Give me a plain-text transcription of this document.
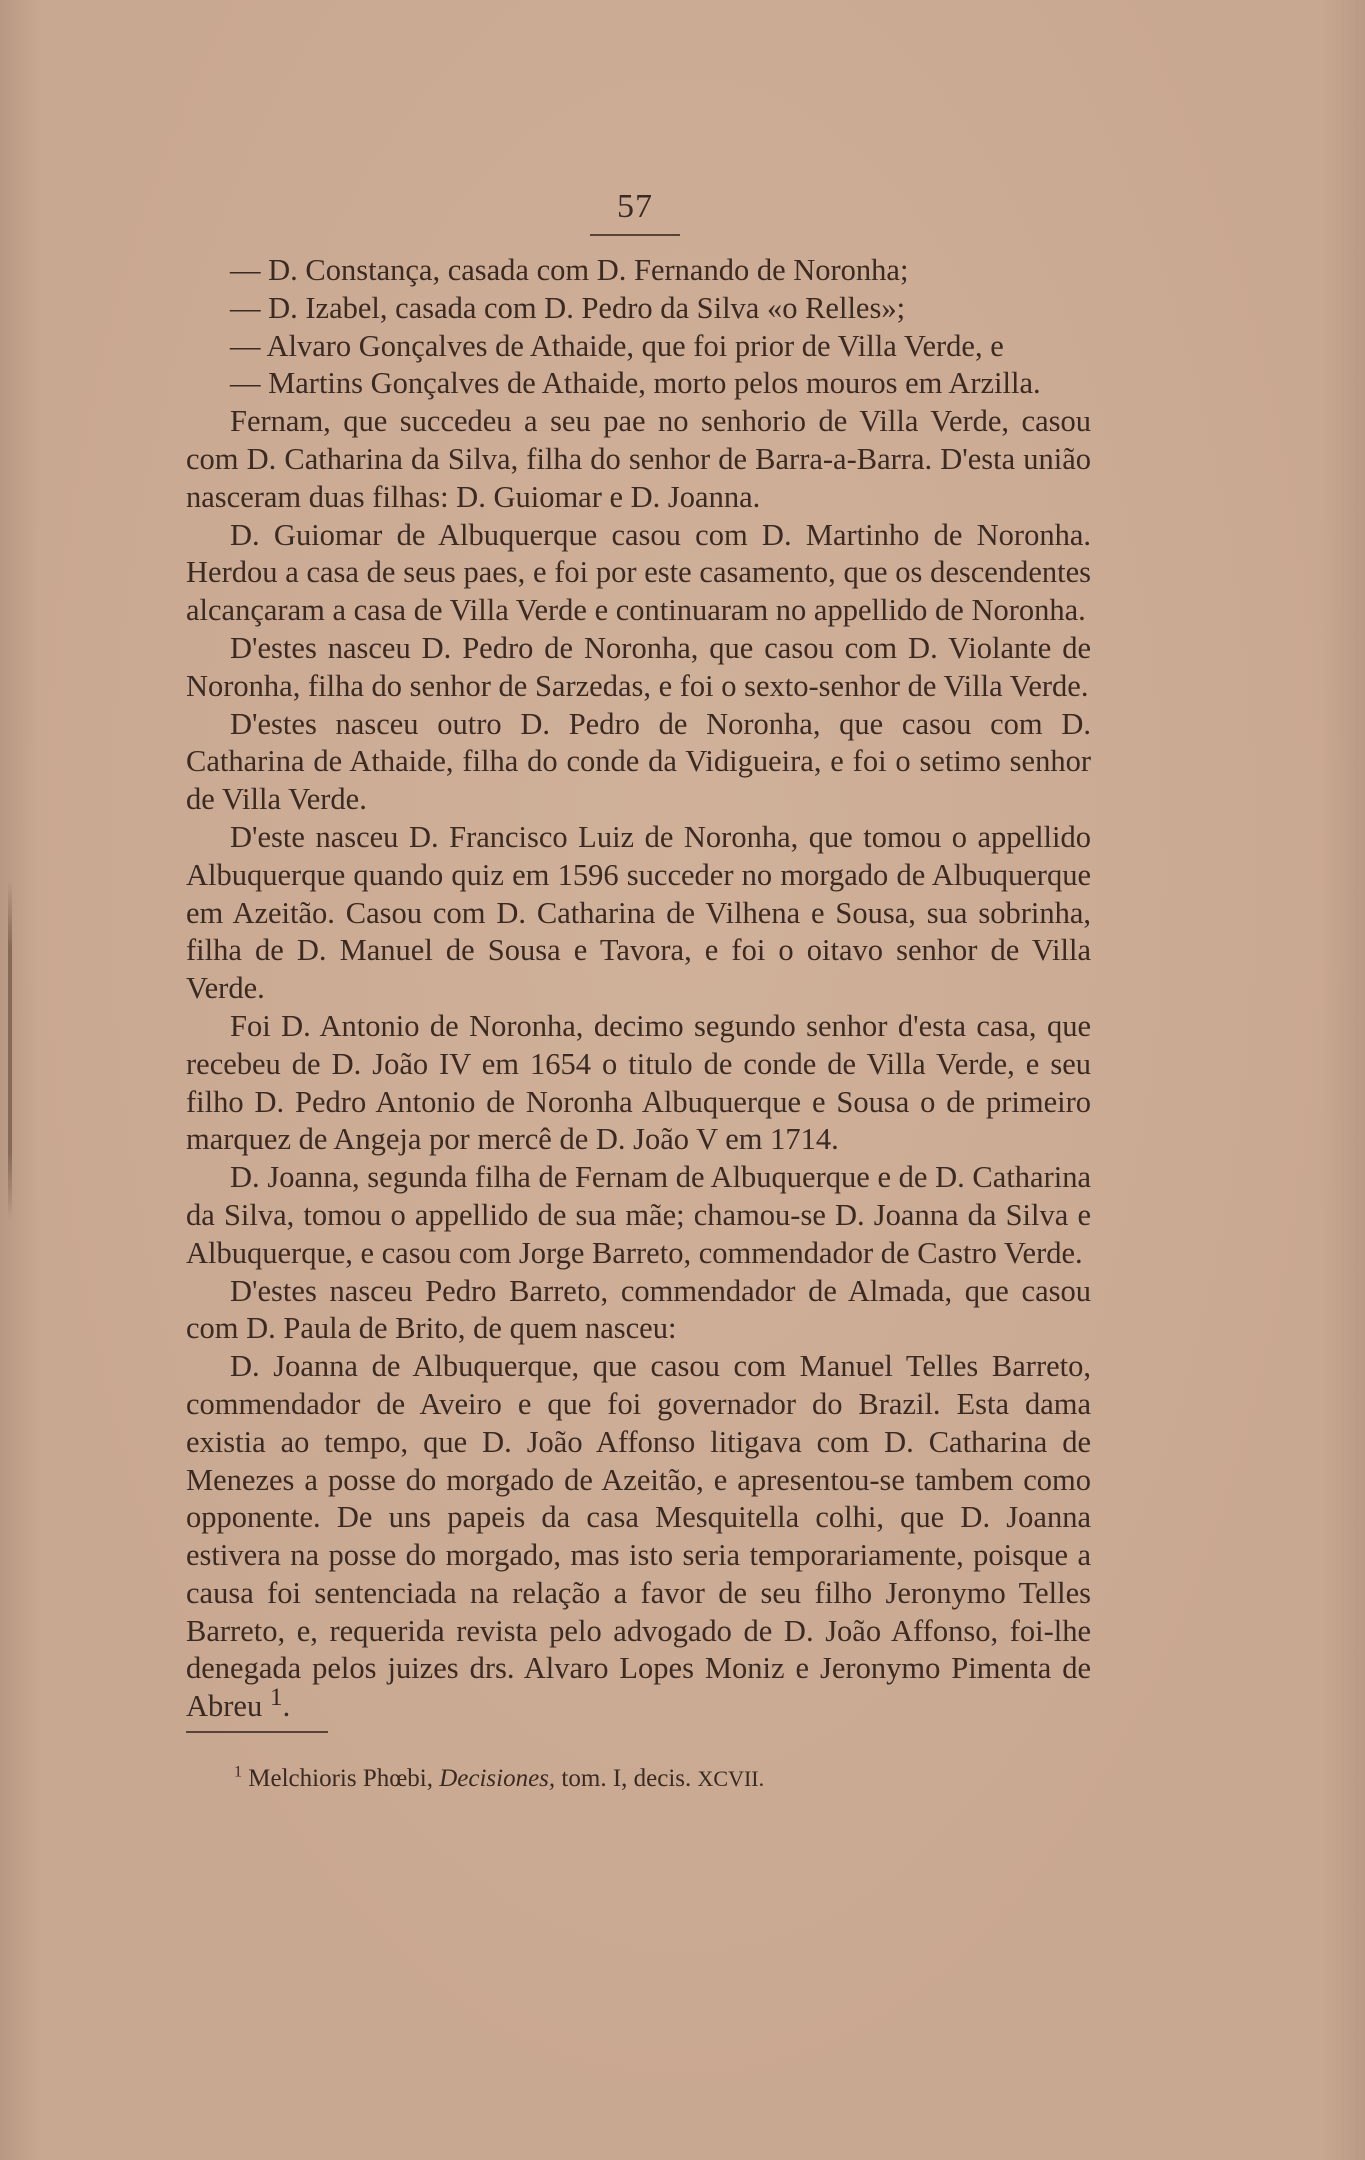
57

— D. Constança, casada com D. Fernando de Noronha;

— D. Izabel, casada com D. Pedro da Silva «o Relles»;

— Alvaro Gonçalves de Athaide, que foi prior de Villa Verde, e

— Martins Gonçalves de Athaide, morto pelos mouros em Arzilla.

Fernam, que succedeu a seu pae no senhorio de Villa Verde, casou com D. Catharina da Silva, filha do senhor de Barra-a-Barra. D'esta união nasceram duas filhas: D. Guiomar e D. Joanna.

D. Guiomar de Albuquerque casou com D. Martinho de Noronha. Herdou a casa de seus paes, e foi por este casamento, que os descendentes alcançaram a casa de Villa Verde e continuaram no appellido de Noronha.

D'estes nasceu D. Pedro de Noronha, que casou com D. Violante de Noronha, filha do senhor de Sarzedas, e foi o sexto-senhor de Villa Verde.

D'estes nasceu outro D. Pedro de Noronha, que casou com D. Catharina de Athaide, filha do conde da Vidigueira, e foi o setimo senhor de Villa Verde.

D'este nasceu D. Francisco Luiz de Noronha, que tomou o appellido Albuquerque quando quiz em 1596 succeder no morgado de Albuquerque em Azeitão. Casou com D. Catharina de Vilhena e Sousa, sua sobrinha, filha de D. Manuel de Sousa e Tavora, e foi o oitavo senhor de Villa Verde.

Foi D. Antonio de Noronha, decimo segundo senhor d'esta casa, que recebeu de D. João IV em 1654 o titulo de conde de Villa Verde, e seu filho D. Pedro Antonio de Noronha Albuquerque e Sousa o de primeiro marquez de Angeja por mercê de D. João V em 1714.

D. Joanna, segunda filha de Fernam de Albuquerque e de D. Catharina da Silva, tomou o appellido de sua mãe; chamou-se D. Joanna da Silva e Albuquerque, e casou com Jorge Barreto, commendador de Castro Verde.

D'estes nasceu Pedro Barreto, commendador de Almada, que casou com D. Paula de Brito, de quem nasceu:

D. Joanna de Albuquerque, que casou com Manuel Telles Barreto, commendador de Aveiro e que foi governador do Brazil. Esta dama existia ao tempo, que D. João Affonso litigava com D. Catharina de Menezes a posse do morgado de Azeitão, e apresentou-se tambem como opponente. De uns papeis da casa Mesquitella colhi, que D. Joanna estivera na posse do morgado, mas isto seria temporariamente, poisque a causa foi sentenciada na relação a favor de seu filho Jeronymo Telles Barreto, e, requerida revista pelo advogado de D. João Affonso, foi-lhe denegada pelos juizes drs. Alvaro Lopes Moniz e Jeronymo Pimenta de Abreu $^1$.

$^1$ Melchioris Phœbi, Decisiones, tom. I, decis. XCVII.
